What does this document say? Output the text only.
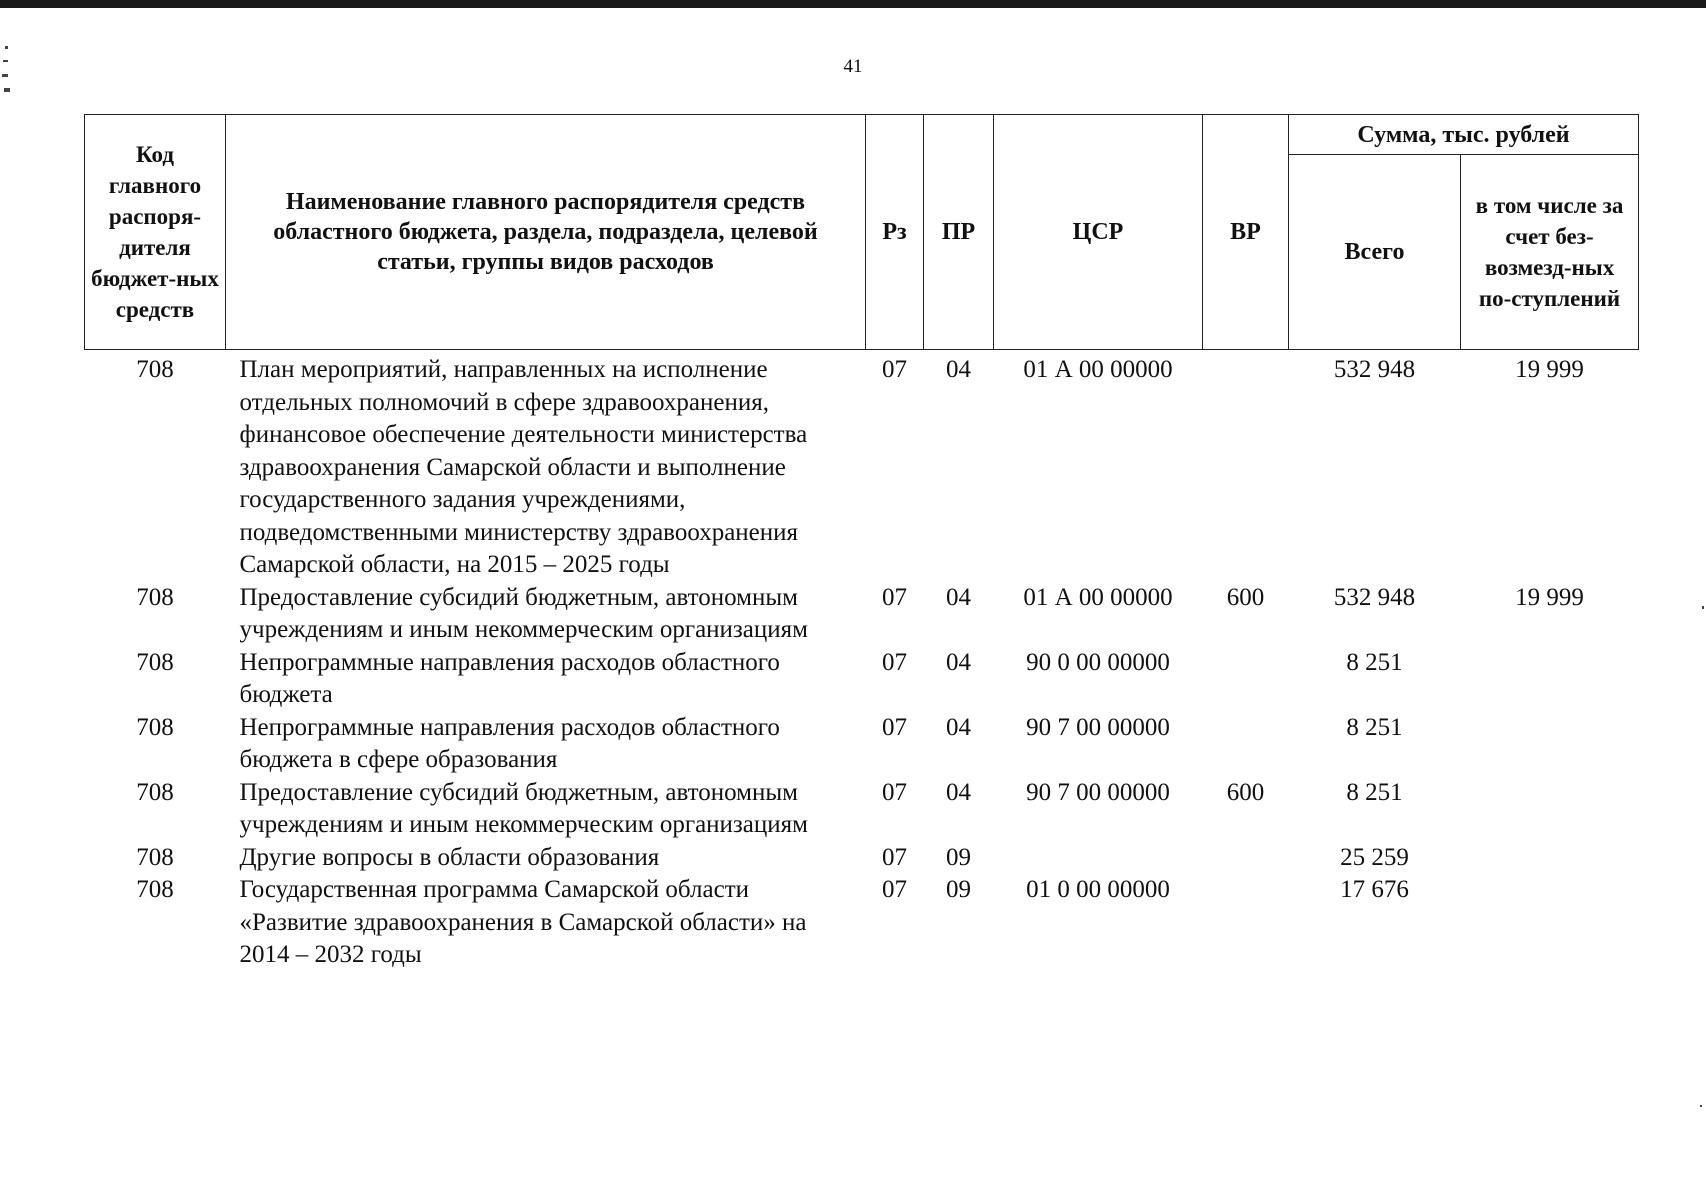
41
Код главного распоря-дителя бюджет-ных средств	Наименование главного распорядителя средств областного бюджета, раздела, подраздела, целевой статьи, группы видов расходов	Рз	ПР	ЦСР	ВР	Сумма, тыс. рублей	
						Всего	в том числе за счет без-возмезд-ных по-ступлений
708	План мероприятий, направленных на исполнение отдельных полномочий в сфере здравоохранения, финансовое обеспечение деятельности министерства здравоохранения Самарской области и выполнение государственного задания учреждениями, подведомственными министерству здравоохранения Самарской области, на 2015 – 2025 годы	07	04	01 А 00 00000		532 948	19 999
708	Предоставление субсидий бюджетным, автономным учреждениям и иным некоммерческим организациям	07	04	01 А 00 00000	600	532 948	19 999
708	Непрограммные направления расходов областного бюджета	07	04	90 0 00 00000		8 251	
708	Непрограммные направления расходов областного бюджета в сфере образования	07	04	90 7 00 00000		8 251	
708	Предоставление субсидий бюджетным, автономным учреждениям и иным некоммерческим организациям	07	04	90 7 00 00000	600	8 251	
708	Другие вопросы в области образования	07	09			25 259	
708	Государственная программа Самарской области «Развитие здравоохранения в Самарской области» на 2014 – 2032 годы	07	09	01 0 00 00000		17 676	
